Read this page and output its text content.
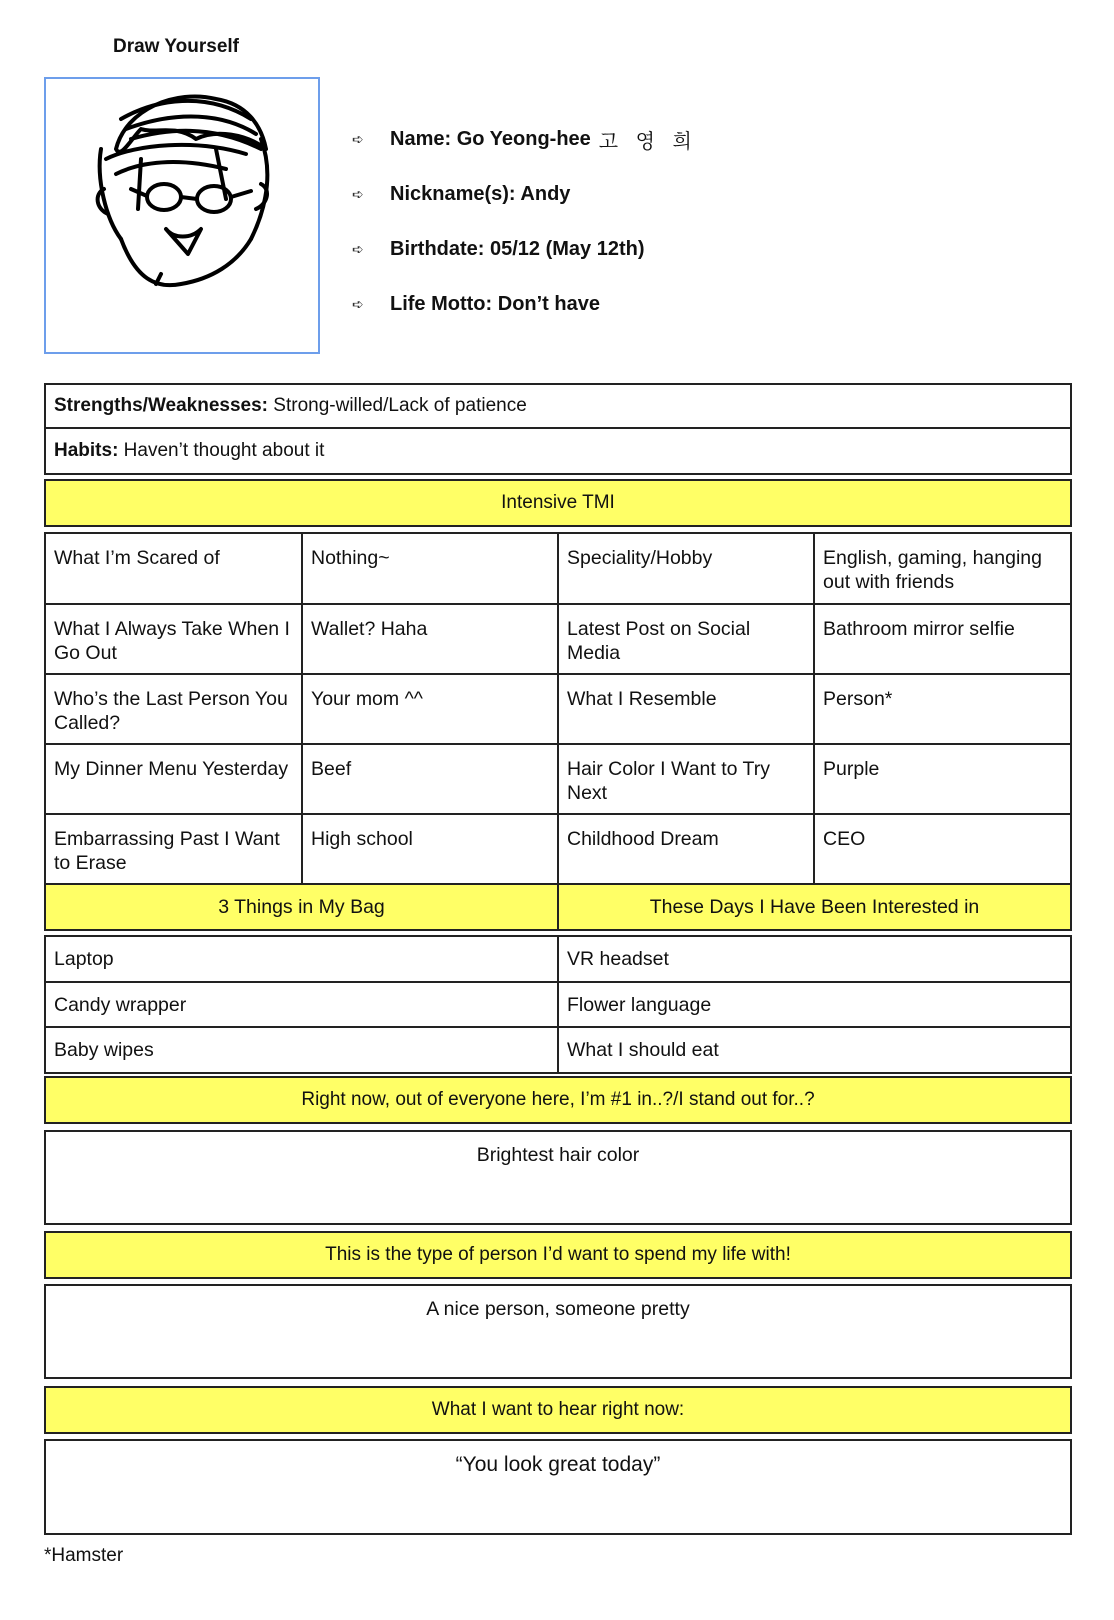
Draw Yourself
➪	Name: Go Yeong-hee 고 영 희
➪	Nickname(s): Andy
➪	Birthdate: 05/12 (May 12th)
➪	Life Motto: Don’t have
Strengths/Weaknesses: Strong-willed/Lack of patience
Habits: Haven’t thought about it
Intensive TMI
What I’m Scared of	Nothing~	Speciality/Hobby	English, gaming, hanging out with friends
What I Always Take When I Go Out	Wallet? Haha	Latest Post on Social Media	Bathroom mirror selfie
Who’s the Last Person You Called?	Your mom ^^	What I Resemble	Person*
My Dinner Menu Yesterday	Beef	Hair Color I Want to Try Next	Purple
Embarrassing Past I Want to Erase	High school	Childhood Dream	CEO
3 Things in My Bag	These Days I Have Been Interested in
Laptop	VR headset
Candy wrapper	Flower language
Baby wipes	What I should eat
Right now, out of everyone here, I’m #1 in..?/I stand out for..?
Brightest hair color
This is the type of person I’d want to spend my life with!
A nice person, someone pretty
What I want to hear right now:
“You look great today”
*Hamster
